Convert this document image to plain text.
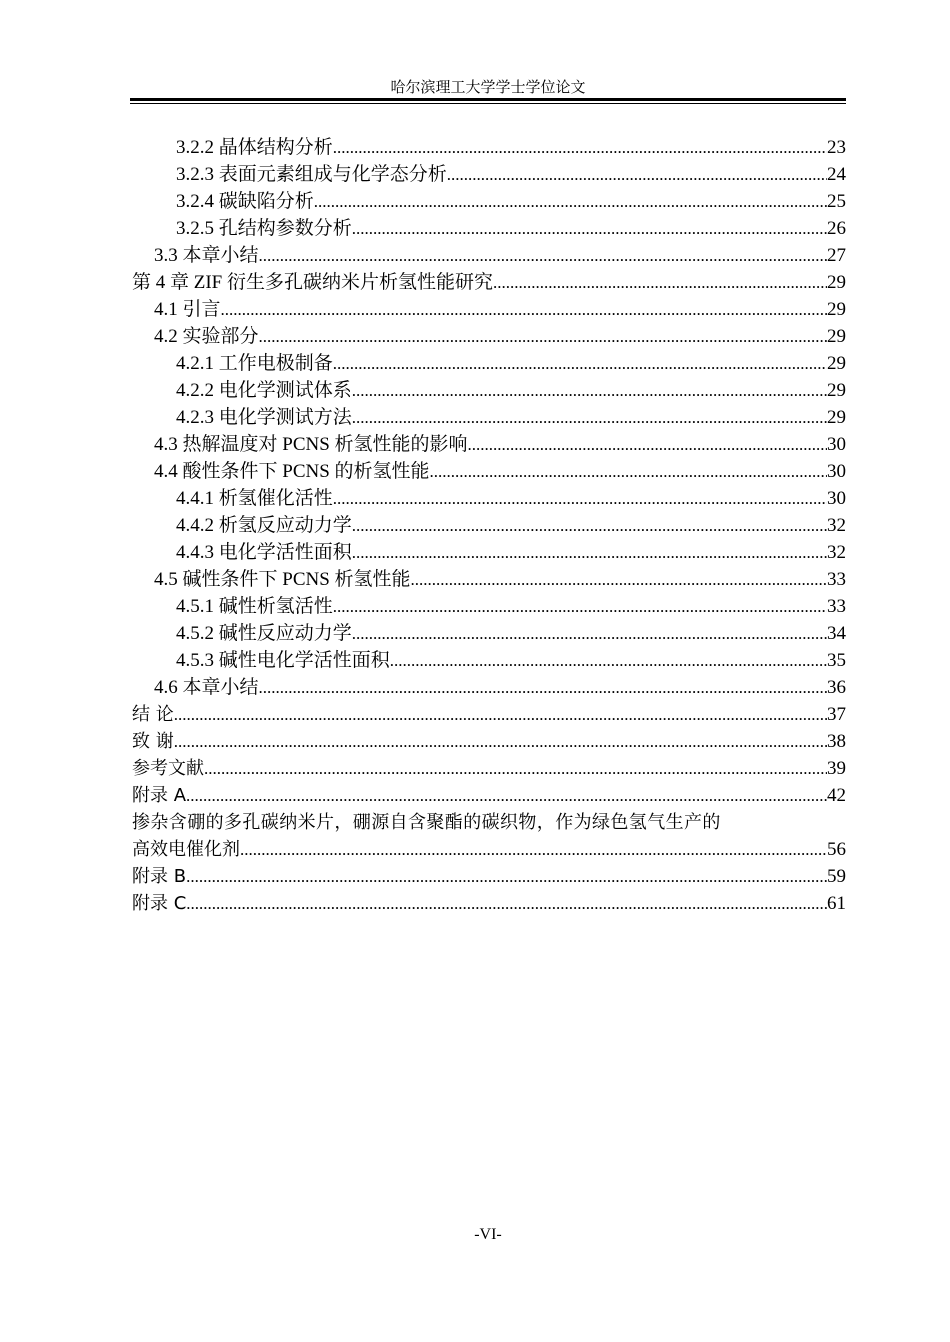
哈尔滨理工大学学士学位论文
3.2.2 晶体结构分析 .....	23
3.2.3 表面元素组成与化学态分析 .....	24
3.2.4 碳缺陷分析 .....	25
3.2.5 孔结构参数分析 .....	26
3.3 本章小结 .....	27
第 4 章 ZIF 衍生多孔碳纳米片析氢性能研究 .....	29
4.1 引言 .....	29
4.2 实验部分 .....	29
4.2.1 工作电极制备 .....	29
4.2.2 电化学测试体系 .....	29
4.2.3 电化学测试方法 .....	29
4.3 热解温度对 PCNS 析氢性能的影响 .....	30
4.4 酸性条件下 PCNS 的析氢性能 .....	30
4.4.1 析氢催化活性 .....	30
4.4.2 析氢反应动力学 .....	32
4.4.3 电化学活性面积 .....	32
4.5 碱性条件下 PCNS 析氢性能 .....	33
4.5.1 碱性析氢活性 .....	33
4.5.2 碱性反应动力学 .....	34
4.5.3 碱性电化学活性面积 .....	35
4.6 本章小结 .....	36
结 论 .....	37
致 谢 .....	38
参考文献 .....	39
附录 A .....	42
掺杂含硼的多孔碳纳米片，硼源自含聚酯的碳织物，作为绿色氢气生产的
高效电催化剂 .....	56
附录 B .....	59
附录 C .....	61
-VI-
